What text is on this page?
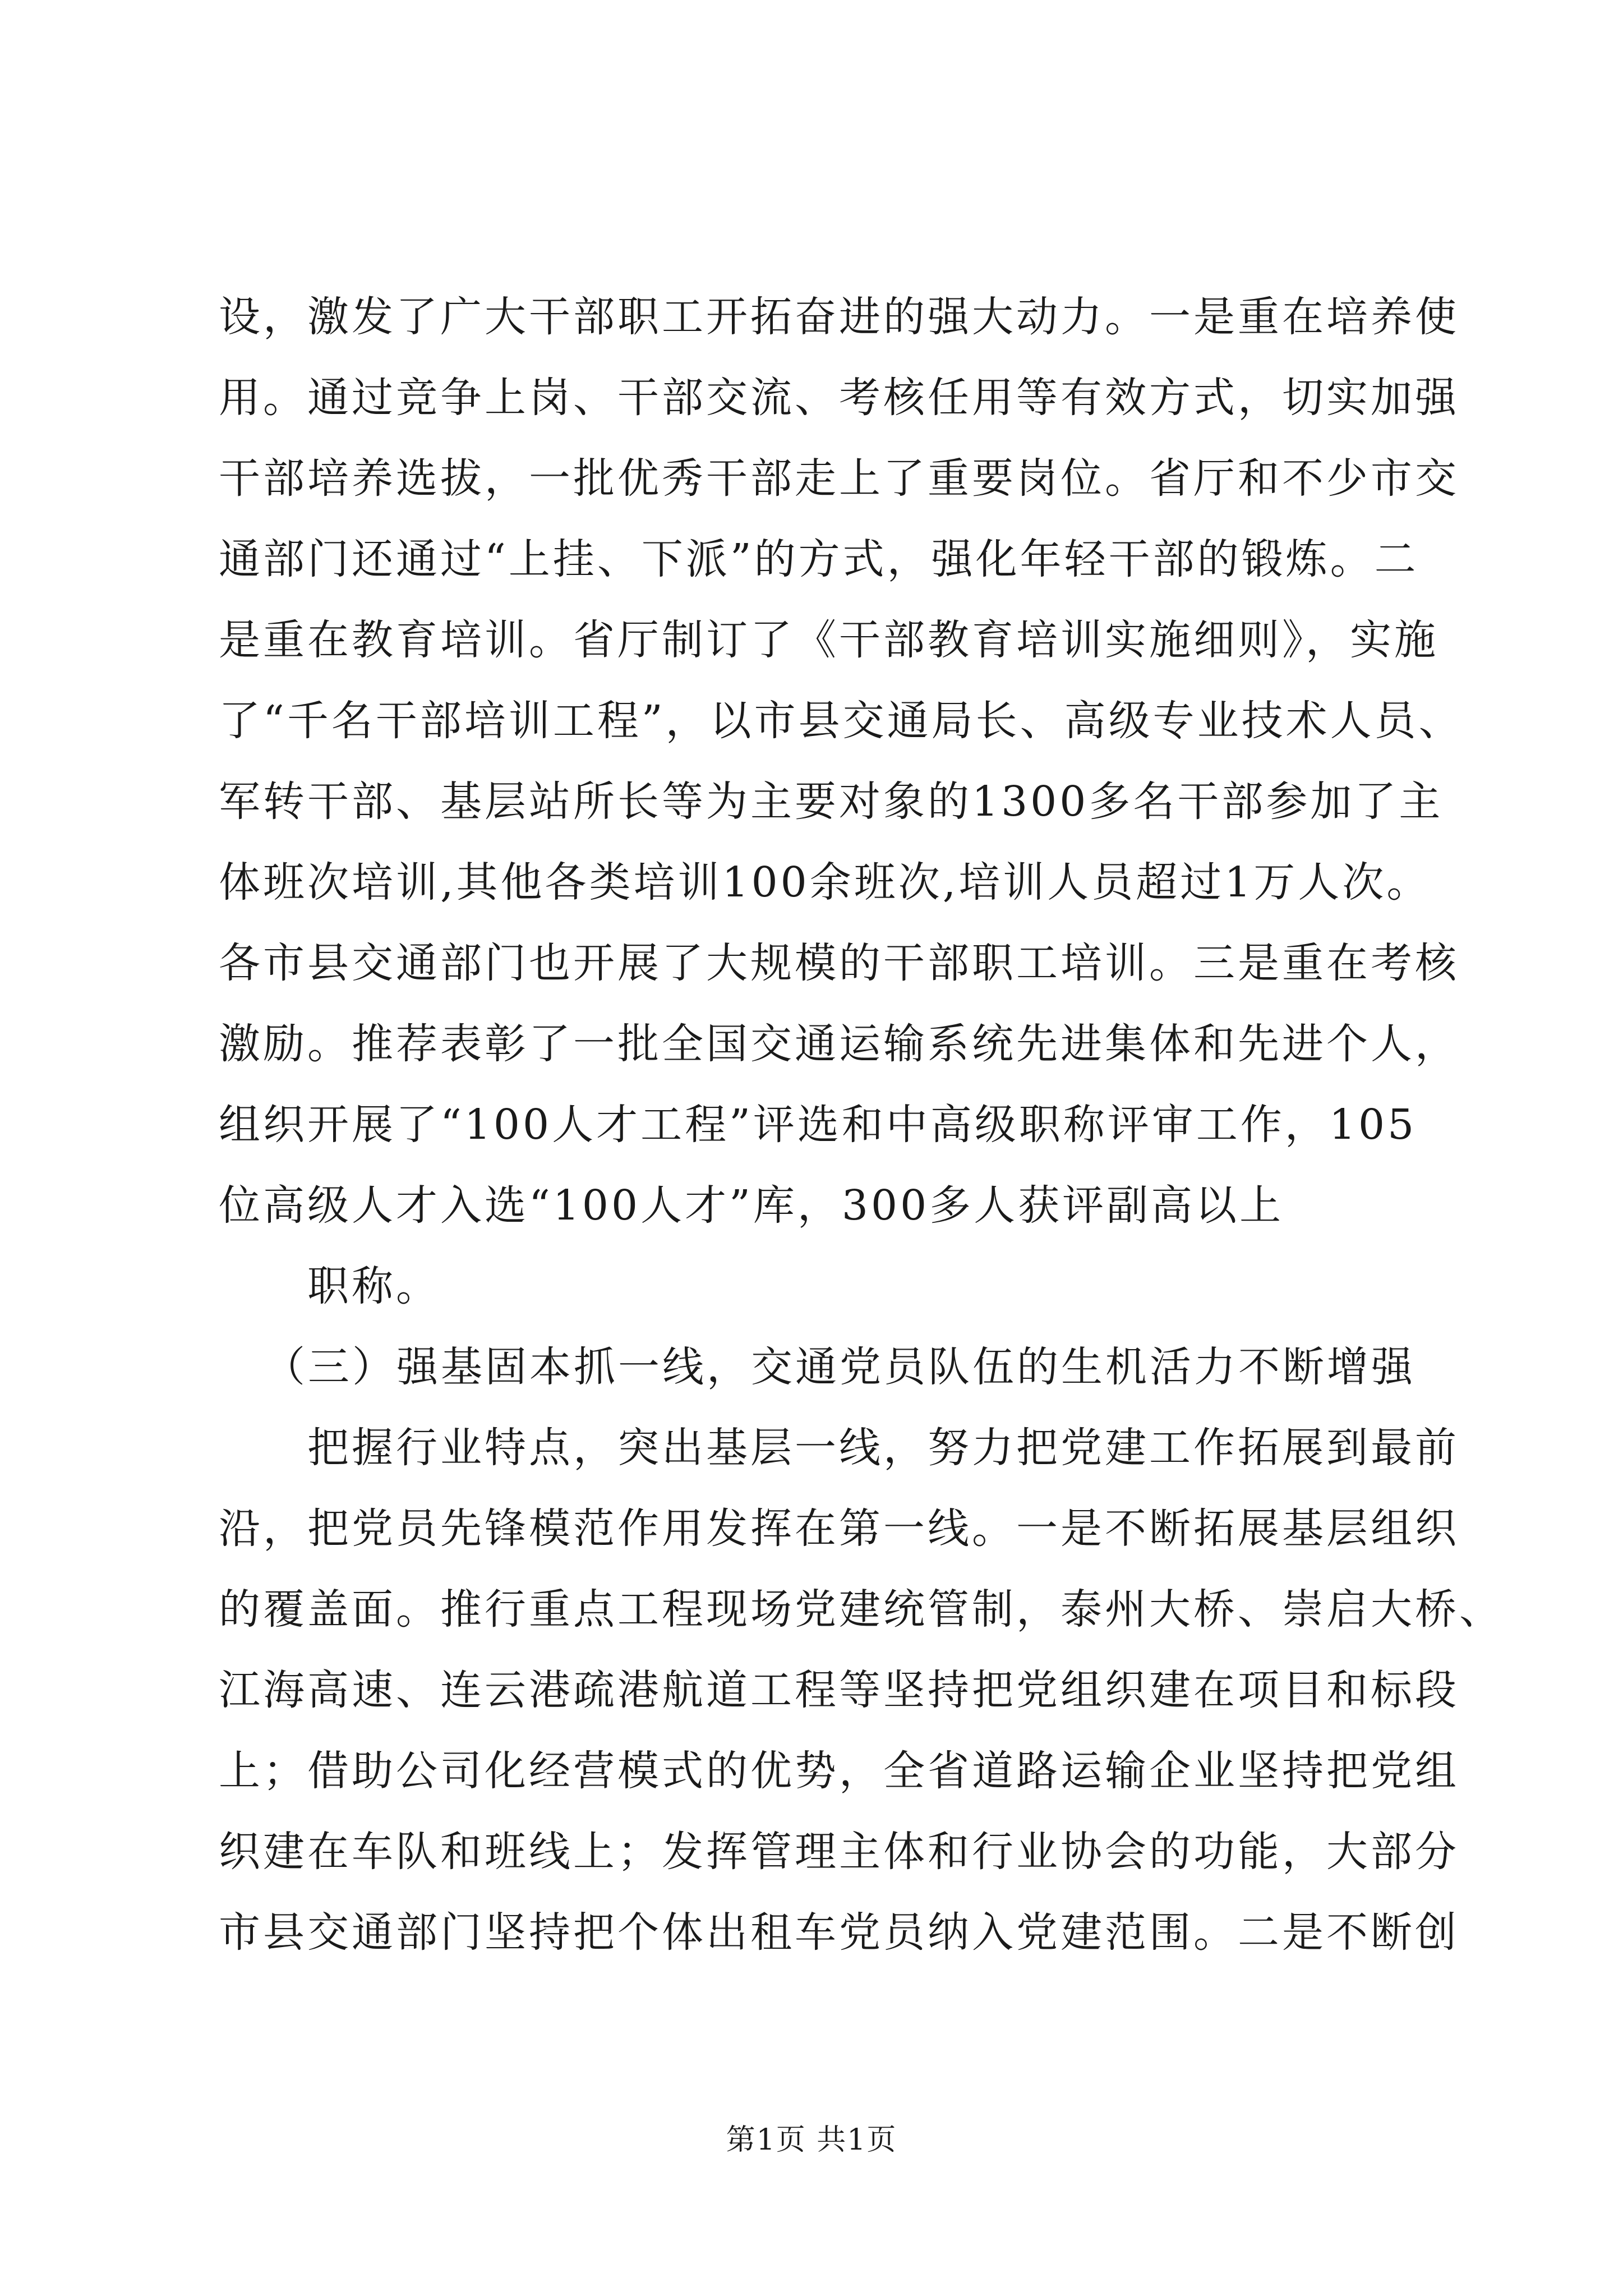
设，激发了广大干部职工开拓奋进的强大动力。一是重在培养使
用。通过竞争上岗、干部交流、考核任用等有效方式，切实加强
干部培养选拔，一批优秀干部走上了重要岗位。省厅和不少市交
通部门还通过“上挂、下派”的方式，强化年轻干部的锻炼。二
是重在教育培训。省厅制订了《干部教育培训实施细则》，实施
了“千名干部培训工程”，以市县交通局长、高级专业技术人员、
军转干部、基层站所长等为主要对象的1300多名干部参加了主
体班次培训,其他各类培训100余班次,培训人员超过1万人次。
各市县交通部门也开展了大规模的干部职工培训。三是重在考核
激励。推荐表彰了一批全国交通运输系统先进集体和先进个人，
组织开展了“100人才工程”评选和中高级职称评审工作，105
位高级人才入选“100人才”库，300多人获评副高以上
职称。
（三）强基固本抓一线，交通党员队伍的生机活力不断增强
把握行业特点，突出基层一线，努力把党建工作拓展到最前
沿，把党员先锋模范作用发挥在第一线。一是不断拓展基层组织
的覆盖面。推行重点工程现场党建统管制，泰州大桥、崇启大桥、
江海高速、连云港疏港航道工程等坚持把党组织建在项目和标段
上；借助公司化经营模式的优势，全省道路运输企业坚持把党组
织建在车队和班线上；发挥管理主体和行业协会的功能，大部分
市县交通部门坚持把个体出租车党员纳入党建范围。二是不断创
第1页 共1页
